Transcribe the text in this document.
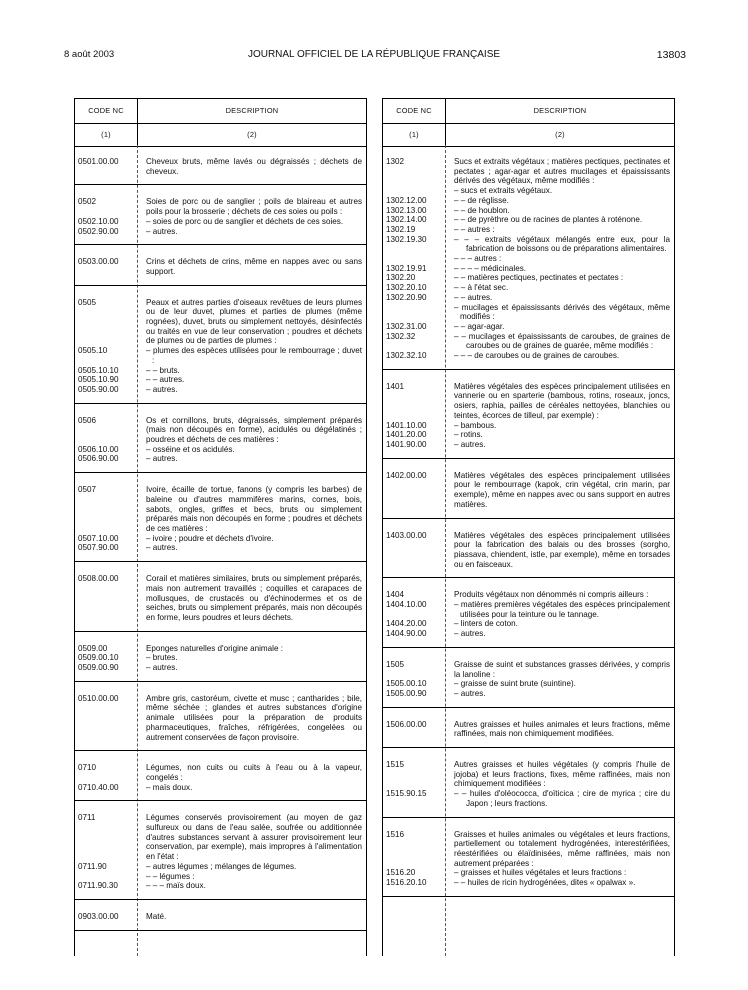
8 août 2003	JOURNAL OFFICIEL DE LA RÉPUBLIQUE FRANÇAISE	13803
CODE NC	DESCRIPTION
(1)	(2)
0501.00.00	Cheveux bruts, même lavés ou dégraissés ; déchets de cheveux.
0502	Soies de porc ou de sanglier ; poils de blaireau et autres poils pour la brosserie ; déchets de ces soies ou poils :
0502.10.00	– soies de porc ou de sanglier et déchets de ces soies.
0502.90.00	– autres.
0503.00.00	Crins et déchets de crins, même en nappes avec ou sans support.
0505	Peaux et autres parties d'oiseaux revêtues de leurs plumes ou de leur duvet, plumes et parties de plumes (même rognées), duvet, bruts ou simplement nettoyés, désinfectés ou traités en vue de leur conservation ; poudres et déchets de plumes ou de parties de plumes :
0505.10	– plumes des espèces utilisées pour le rembourrage ; duvet :
0505.10.10	– – bruts.
0505.10.90	– – autres.
0505.90.00	– autres.
0506	Os et cornillons, bruts, dégraissés, simplement préparés (mais non découpés en forme), acidulés ou dégélatinés ; poudres et déchets de ces matières :
0506.10.00	– osséine et os acidulés.
0506.90.00	– autres.
0507	Ivoire, écaille de tortue, fanons (y compris les barbes) de baleine ou d'autres mammifères marins, cornes, bois, sabots, ongles, griffes et becs, bruts ou simplement préparés mais non découpés en forme ; poudres et déchets de ces matières :
0507.10.00	– ivoire ; poudre et déchets d'ivoire.
0507.90.00	– autres.
0508.00.00	Corail et matières similaires, bruts ou simplement préparés, mais non autrement travaillés ; coquilles et carapaces de mollusques, de crustacés ou d'échinodermes et os de seiches, bruts ou simplement préparés, mais non découpés en forme, leurs poudres et leurs déchets.
0509.00	Eponges naturelles d'origine animale :
0509.00.10	– brutes.
0509.00.90	– autres.
0510.00.00	Ambre gris, castoréum, civette et musc ; cantharides ; bile, même séchée ; glandes et autres substances d'origine animale utilisées pour la préparation de produits pharmaceutiques, fraîches, réfrigérées, congelées ou autrement conservées de façon provisoire.
0710	Légumes, non cuits ou cuits à l'eau ou à la vapeur, congelés :
0710.40.00	– maïs doux.
0711	Légumes conservés provisoirement (au moyen de gaz sulfureux ou dans de l'eau salée, soufrée ou additionnée d'autres substances servant à assurer provisoirement leur conservation, par exemple), mais impropres à l'alimentation en l'état :
0711.90	– autres légumes ; mélanges de légumes.
– – légumes :
0711.90.30	– – – maïs doux.
0903.00.00	Maté.
CODE NC	DESCRIPTION
(1)	(2)
1302	Sucs et extraits végétaux ; matières pectiques, pectinates et pectates ; agar-agar et autres mucilages et épaississants dérivés des végétaux, même modifiés :
– sucs et extraits végétaux.
1302.12.00	– – de réglisse.
1302.13.00	– – de houblon.
1302.14.00	– – de pyrèthre ou de racines de plantes à roténone.
1302.19	– – autres :
1302.19.30	– – – extraits végétaux mélangés entre eux, pour la fabrication de boissons ou de préparations alimentaires.
– – – autres :
1302.19.91	– – – – médicinales.
1302.20	– – matières pectiques, pectinates et pectates :
1302.20.10	– – à l'état sec.
1302.20.90	– – autres.
– mucilages et épaississants dérivés des végétaux, même modifiés :
1302.31.00	– – agar-agar.
1302.32	– – mucilages et épaississants de caroubes, de graines de caroubes ou de graines de guarée, même modifiés :
1302.32.10	– – – de caroubes ou de graines de caroubes.
1401	Matières végétales des espèces principalement utilisées en vannerie ou en sparterie (bambous, rotins, roseaux, joncs, osiers, raphia, pailles de céréales nettoyées, blanchies ou teintes, écorces de tilleul, par exemple) :
1401.10.00	– bambous.
1401.20.00	– rotins.
1401.90.00	– autres.
1402.00.00	Matières végétales des espèces principalement utilisées pour le rembourrage (kapok, crin végétal, crin marin, par exemple), même en nappes avec ou sans support en autres matières.
1403.00.00	Matières végétales des espèces principalement utilisées pour la fabrication des balais ou des brosses (sorgho, piassava, chiendent, istle, par exemple), même en torsades ou en faisceaux.
1404	Produits végétaux non dénommés ni compris ailleurs :
1404.10.00	– matières premières végétales des espèces principalement utilisées pour la teinture ou le tannage.
1404.20.00	– linters de coton.
1404.90.00	– autres.
1505	Graisse de suint et substances grasses dérivées, y compris la lanoline :
1505.00.10	– graisse de suint brute (suintine).
1505.00.90	– autres.
1506.00.00	Autres graisses et huiles animales et leurs fractions, même raffinées, mais non chimiquement modifiées.
1515	Autres graisses et huiles végétales (y compris l'huile de jojoba) et leurs fractions, fixes, même raffinées, mais non chimiquement modifiées :
1515.90.15	– – huiles d'oléococca, d'oïticica ; cire de myrica ; cire du Japon ; leurs fractions.
1516	Graisses et huiles animales ou végétales et leurs fractions, partiellement ou totalement hydrogénées, interestérifiées, réestérifiées ou élaïdinisées, même raffinées, mais non autrement préparées :
1516.20	– graisses et huiles végétales et leurs fractions :
1516.20.10	– – huiles de ricin hydrogénées, dites « opalwax ».
